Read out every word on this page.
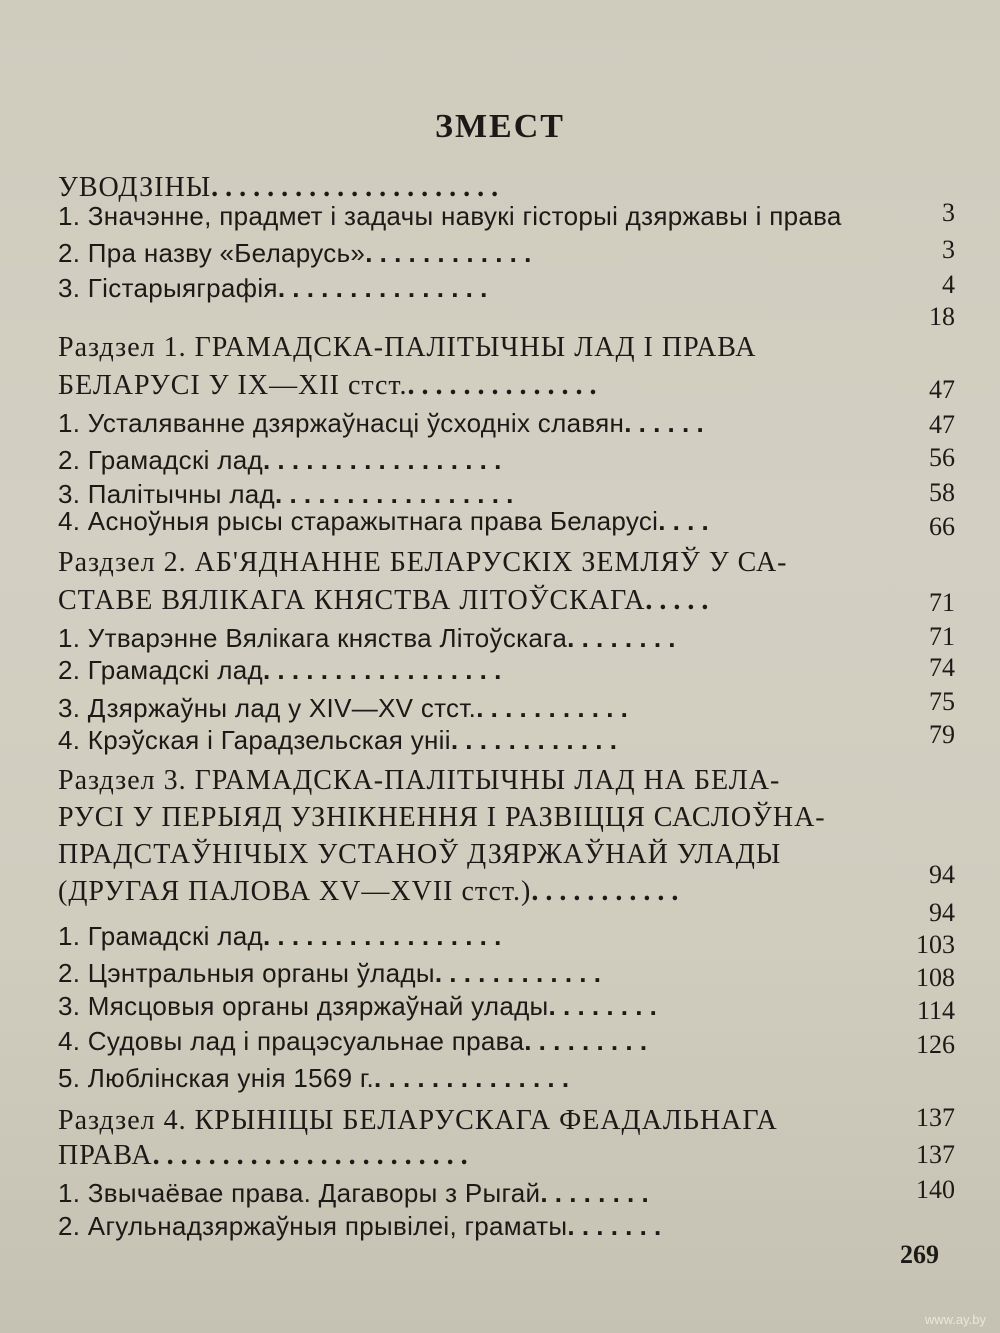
ЗМЕСТ
УВОДЗІНЫ. . . . . . . . . . . . . . . . . . . . .
1. Значэнне, прадмет і задачы навукі гісторыі дзяржавы і права
2. Пра назву «Беларусь». . . . . . . . . . . .
3. Гістарыяграфія. . . . . . . . . . . . . . .
Раздзел 1. ГРАМАДСКА-ПАЛІТЫЧНЫ ЛАД І ПРАВА
БЕЛАРУСІ У IX—XII стст.. . . . . . . . . . . . . .
1. Усталяванне дзяржаўнасці ўсходніх славян. . . . . .
2. Грамадскі лад. . . . . . . . . . . . . . . . .
3. Палітычны лад. . . . . . . . . . . . . . . . .
4. Асноўныя рысы старажытнага права Беларусі. . . .
Раздзел 2. АБ'ЯДНАННЕ БЕЛАРУСКІХ ЗЕМЛЯЎ У СА-
СТАВЕ ВЯЛІКАГА КНЯСТВА ЛІТОЎСКАГА. . . . .
1. Утварэнне Вялікага княства Літоўскага. . . . . . . .
2. Грамадскі лад. . . . . . . . . . . . . . . . .
3. Дзяржаўны лад у XIV—XV стст.. . . . . . . . . . .
4. Крэўская і Гарадзельская уніі. . . . . . . . . . . .
Раздзел 3. ГРАМАДСКА-ПАЛІТЫЧНЫ ЛАД НА БЕЛА-
РУСІ У ПЕРЫЯД УЗНІКНЕННЯ І РАЗВІЦЦЯ САСЛОЎНА-
ПРАДСТАЎНІЧЫХ УСТАНОЎ ДЗЯРЖАЎНАЙ УЛАДЫ
(ДРУГАЯ ПАЛОВА XV—XVII стст.). . . . . . . . . . .
1. Грамадскі лад. . . . . . . . . . . . . . . . .
2. Цэнтральныя органы ўлады. . . . . . . . . . . .
3. Мясцовыя органы дзяржаўнай улады. . . . . . . .
4. Судовы лад і працэсуальнае права. . . . . . . . .
5. Люблінская унія 1569 г.. . . . . . . . . . . . . .
Раздзел 4. КРЫНІЦЫ БЕЛАРУСКАГА ФЕАДАЛЬНАГА
ПРАВА. . . . . . . . . . . . . . . . . . . . . . .
1. Звычаёвае права. Дагаворы з Рыгай. . . . . . . .
2. Агульнадзяржаўныя прывілеі, граматы. . . . . . .
3
3
4
18
47
47
56
58
66
71
71
74
75
79
94
94
103
108
114
126
137
137
140
269
www.ay.by
